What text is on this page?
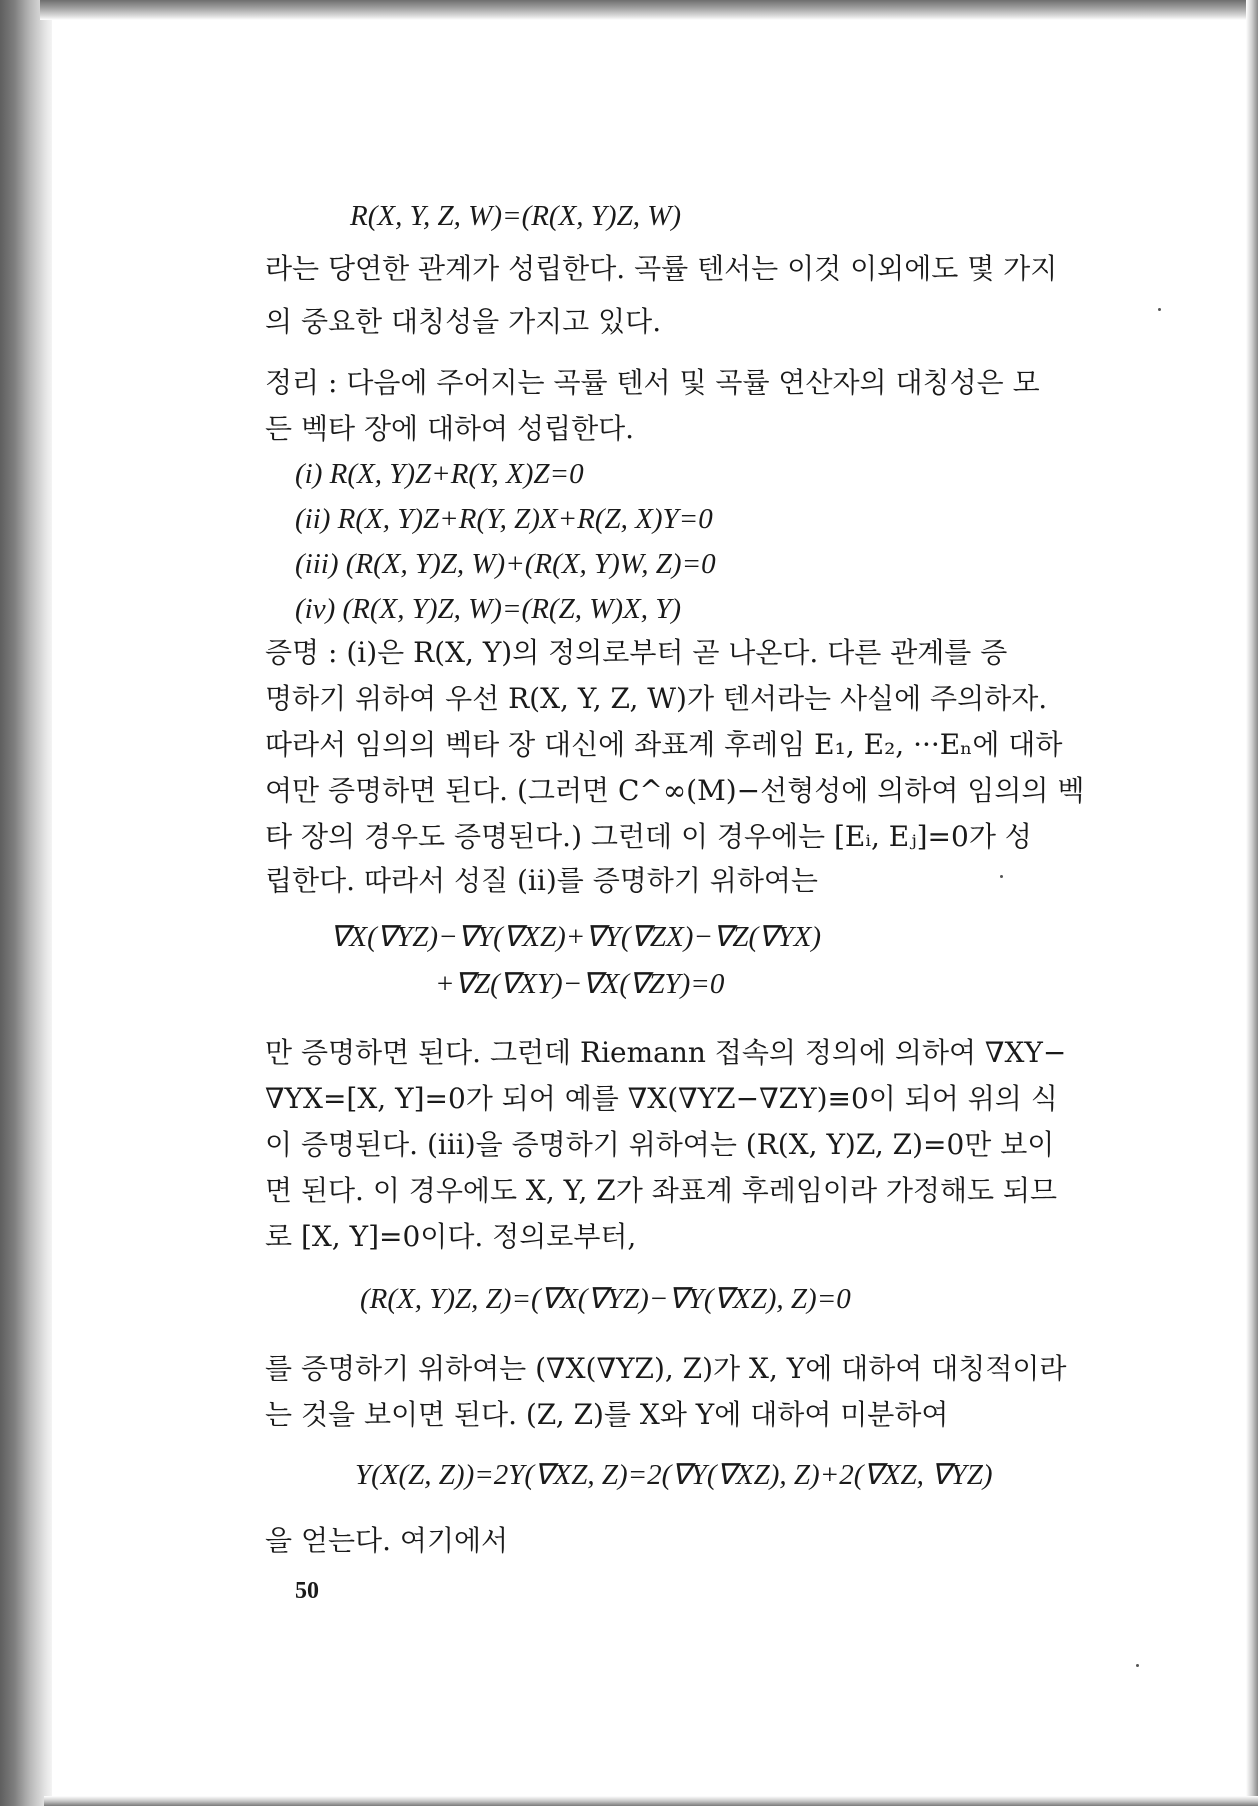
R(X, Y, Z, W)=(R(X, Y)Z, W)
라는 당연한 관계가 성립한다. 곡률 텐서는 이것 이외에도 몇 가지
의 중요한 대칭성을 가지고 있다.
정리 : 다음에 주어지는 곡률 텐서 및 곡률 연산자의 대칭성은 모
든 벡타 장에 대하여 성립한다.
(i) R(X, Y)Z+R(Y, X)Z=0
(ii) R(X, Y)Z+R(Y, Z)X+R(Z, X)Y=0
(iii) (R(X, Y)Z, W)+(R(X, Y)W, Z)=0
(iv) (R(X, Y)Z, W)=(R(Z, W)X, Y)
증명 : (i)은 R(X, Y)의 정의로부터 곧 나온다. 다른 관계를 증
명하기 위하여 우선 R(X, Y, Z, W)가 텐서라는 사실에 주의하자.
따라서 임의의 벡타 장 대신에 좌표계 후레임 E₁, E₂, ···Eₙ에 대하
여만 증명하면 된다. (그러면 C^∞(M)−선형성에 의하여 임의의 벡
타 장의 경우도 증명된다.) 그런데 이 경우에는 [Eᵢ, Eⱼ]=0가 성
립한다. 따라서 성질 (ii)를 증명하기 위하여는
∇X(∇YZ)−∇Y(∇XZ)+∇Y(∇ZX)−∇Z(∇YX)
+∇Z(∇XY)−∇X(∇ZY)=0
만 증명하면 된다. 그런데 Riemann 접속의 정의에 의하여 ∇XY−
∇YX=[X, Y]=0가 되어 예를 ∇X(∇YZ−∇ZY)≡0이 되어 위의 식
이 증명된다. (iii)을 증명하기 위하여는 (R(X, Y)Z, Z)=0만 보이
면 된다. 이 경우에도 X, Y, Z가 좌표계 후레임이라 가정해도 되므
로 [X, Y]=0이다. 정의로부터,
(R(X, Y)Z, Z)=(∇X(∇YZ)−∇Y(∇XZ), Z)=0
를 증명하기 위하여는 (∇X(∇YZ), Z)가 X, Y에 대하여 대칭적이라
는 것을 보이면 된다. (Z, Z)를 X와 Y에 대하여 미분하여
Y(X(Z, Z))=2Y(∇XZ, Z)=2(∇Y(∇XZ), Z)+2(∇XZ, ∇YZ)
을 얻는다. 여기에서
50
